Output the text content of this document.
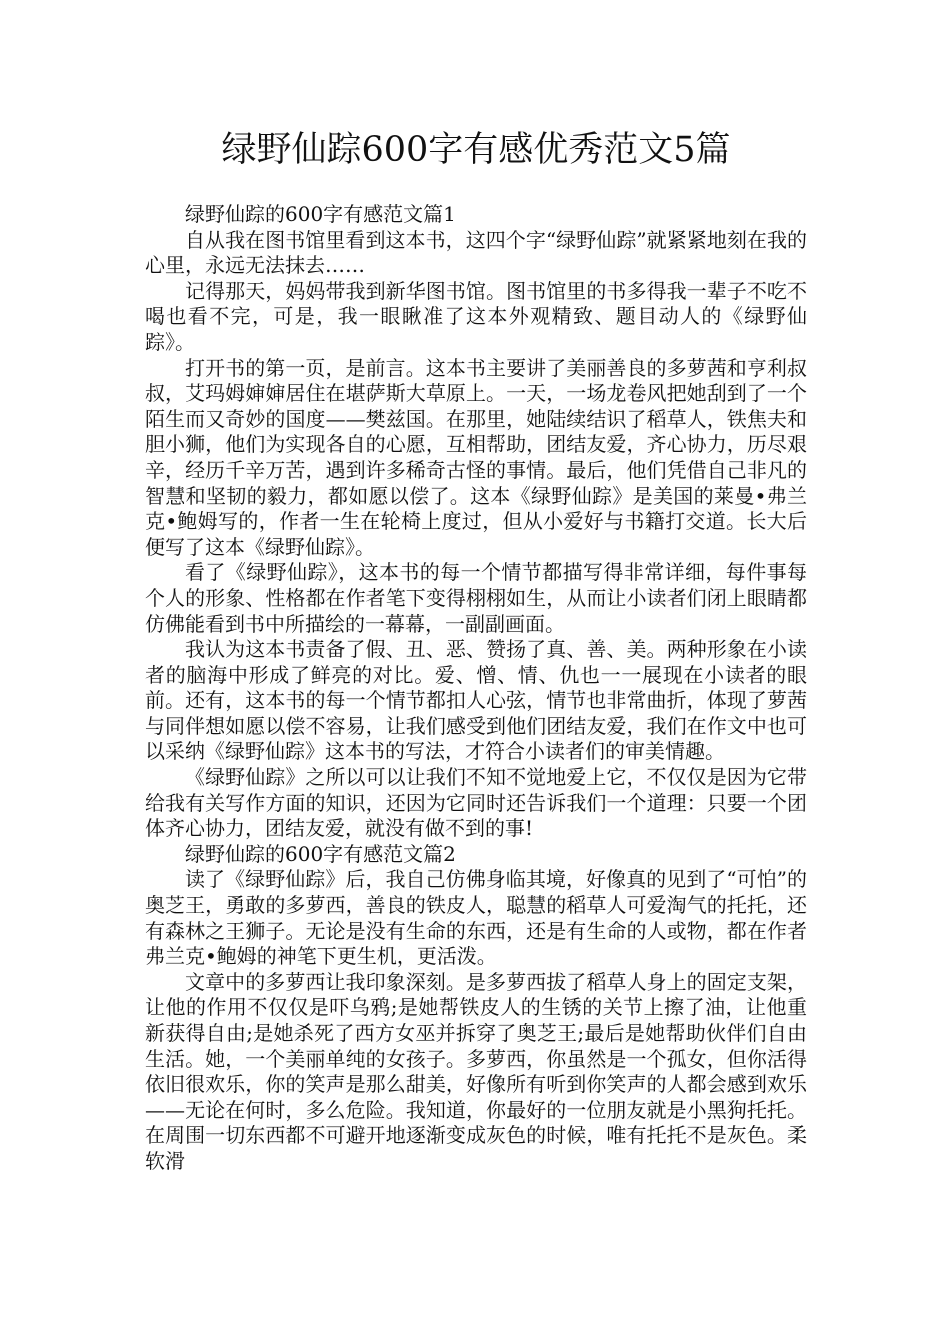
绿野仙踪600字有感优秀范文5篇

绿野仙踪的600字有感范文篇1

自从我在图书馆里看到这本书，这四个字“绿野仙踪”就紧紧地刻在我的心里，永远无法抹去……

记得那天，妈妈带我到新华图书馆。图书馆里的书多得我一辈子不吃不喝也看不完，可是，我一眼瞅准了这本外观精致、题目动人的《绿野仙踪》。

打开书的第一页，是前言。这本书主要讲了美丽善良的多萝茜和亨利叔叔，艾玛姆婶婶居住在堪萨斯大草原上。一天，一场龙卷风把她刮到了一个陌生而又奇妙的国度——樊兹国。在那里，她陆续结识了稻草人，铁焦夫和胆小狮，他们为实现各自的心愿，互相帮助，团结友爱，齐心协力，历尽艰辛，经历千辛万苦，遇到许多稀奇古怪的事情。最后，他们凭借自己非凡的智慧和坚韧的毅力，都如愿以偿了。这本《绿野仙踪》是美国的莱曼•弗兰克•鲍姆写的，作者一生在轮椅上度过，但从小爱好与书籍打交道。长大后便写了这本《绿野仙踪》。

看了《绿野仙踪》，这本书的每一个情节都描写得非常详细，每件事每个人的形象、性格都在作者笔下变得栩栩如生，从而让小读者们闭上眼睛都仿佛能看到书中所描绘的一幕幕，一副副画面。

我认为这本书责备了假、丑、恶、赞扬了真、善、美。两种形象在小读者的脑海中形成了鲜亮的对比。爱、憎、情、仇也一一展现在小读者的眼前。还有，这本书的每一个情节都扣人心弦，情节也非常曲折，体现了萝茜与同伴想如愿以偿不容易，让我们感受到他们团结友爱，我们在作文中也可以采纳《绿野仙踪》这本书的写法，才符合小读者们的审美情趣。

《绿野仙踪》之所以可以让我们不知不觉地爱上它，不仅仅是因为它带给我有关写作方面的知识，还因为它同时还告诉我们一个道理：只要一个团体齐心协力，团结友爱，就没有做不到的事!

绿野仙踪的600字有感范文篇2

读了《绿野仙踪》后，我自己仿佛身临其境，好像真的见到了“可怕”的奥芝王，勇敢的多萝西，善良的铁皮人，聪慧的稻草人可爱淘气的托托，还有森林之王狮子。无论是没有生命的东西，还是有生命的人或物，都在作者弗兰克•鲍姆的神笔下更生机，更活泼。

文章中的多萝西让我印象深刻。是多萝西拔了稻草人身上的固定支架，让他的作用不仅仅是吓乌鸦;是她帮铁皮人的生锈的关节上擦了油，让他重新获得自由;是她杀死了西方女巫并拆穿了奥芝王;最后是她帮助伙伴们自由生活。她，一个美丽单纯的女孩子。多萝西，你虽然是一个孤女，但你活得依旧很欢乐，你的笑声是那么甜美，好像所有听到你笑声的人都会感到欢乐——无论在何时，多么危险。我知道，你最好的一位朋友就是小黑狗托托。在周围一切东西都不可避开地逐渐变成灰色的时候，唯有托托不是灰色。柔软滑
